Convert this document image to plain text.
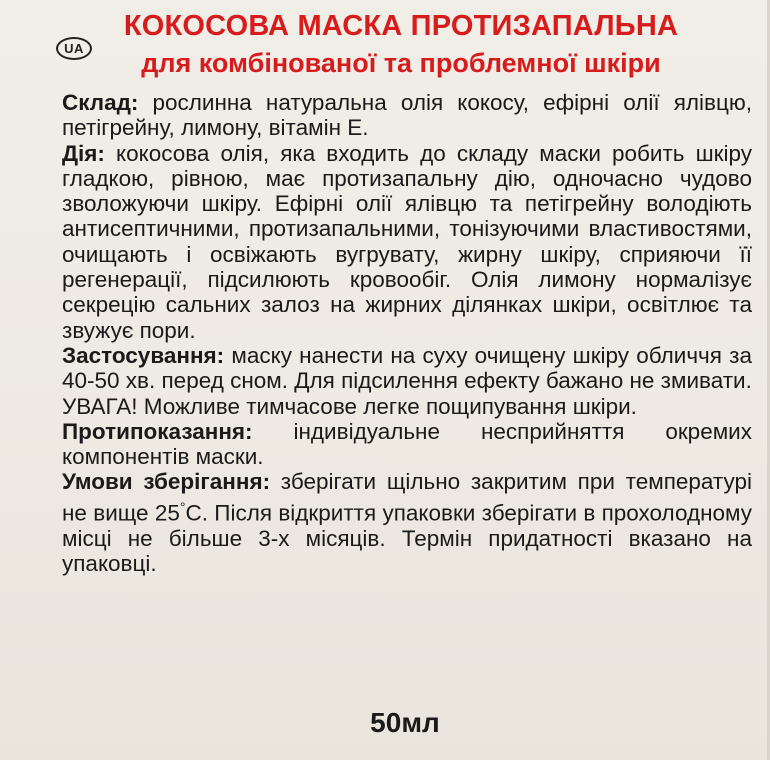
UA
КОКОСОВА МАСКА ПРОТИЗАПАЛЬНА
для комбінованої та проблемної шкіри

Склад: рослинна натуральна олія кокосу, ефірні олії ялівцю, петігрейну, лимону, вітамін Е.

Дія: кокосова олія, яка входить до складу маски робить шкіру гладкою, рівною, має протизапальну дію, одночасно чудово зволожуючи шкіру. Ефірні олії ялівцю та петігрейну володіють антисептичними, протизапальними, тонізуючими властивостями, очищають і освіжають вугрувату, жирну шкіру, сприяючи її регенерації, підсилюють кровообіг. Олія лимону нормалізує секрецію сальних залоз на жирних ділянках шкіри, освітлює та звужує пори.

Застосування: маску нанести на суху очищену шкіру обличчя за 40-50 хв. перед сном. Для підсилення ефекту бажано не змивати.

УВАГА! Можливе тимчасове легке пощипування шкіри.

Протипоказання: індивідуальне несприйняття окремих компонентів маски.

Умови зберігання: зберігати щільно закритим при температурі не вище 25°С. Після відкриття упаковки зберігати в прохолодному місці не більше 3-х місяців. Термін придатності вказано на упаковці.

50мл
